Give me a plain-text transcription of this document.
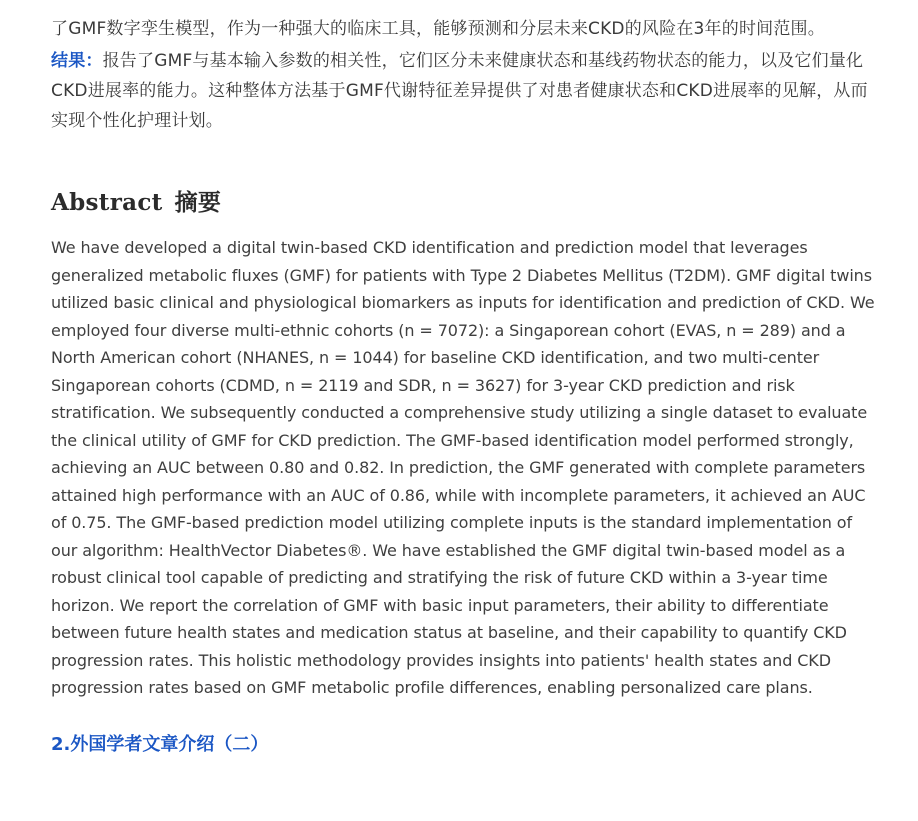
了GMF数字孪生模型，作为一种强大的临床工具，能够预测和分层未来CKD的风险在3年的时间范围。

结果：报告了GMF与基本输入参数的相关性，它们区分未来健康状态和基线药物状态的能力，以及它们量化CKD进展率的能力。这种整体方法基于GMF代谢特征差异提供了对患者健康状态和CKD进展率的见解，从而实现个性化护理计划。

Abstract 摘要

We have developed a digital twin-based CKD identification and prediction model that leverages generalized metabolic fluxes (GMF) for patients with Type 2 Diabetes Mellitus (T2DM). GMF digital twins utilized basic clinical and physiological biomarkers as inputs for identification and prediction of CKD. We employed four diverse multi-ethnic cohorts (n = 7072): a Singaporean cohort (EVAS, n = 289) and a North American cohort (NHANES, n = 1044) for baseline CKD identification, and two multi-center Singaporean cohorts (CDMD, n = 2119 and SDR, n = 3627) for 3-year CKD prediction and risk stratification. We subsequently conducted a comprehensive study utilizing a single dataset to evaluate the clinical utility of GMF for CKD prediction. The GMF-based identification model performed strongly, achieving an AUC between 0.80 and 0.82. In prediction, the GMF generated with complete parameters attained high performance with an AUC of 0.86, while with incomplete parameters, it achieved an AUC of 0.75. The GMF-based prediction model utilizing complete inputs is the standard implementation of our algorithm: HealthVector Diabetes®. We have established the GMF digital twin-based model as a robust clinical tool capable of predicting and stratifying the risk of future CKD within a 3-year time horizon. We report the correlation of GMF with basic input parameters, their ability to differentiate between future health states and medication status at baseline, and their capability to quantify CKD progression rates. This holistic methodology provides insights into patients' health states and CKD progression rates based on GMF metabolic profile differences, enabling personalized care plans.

2.外国学者文章介绍（二）
